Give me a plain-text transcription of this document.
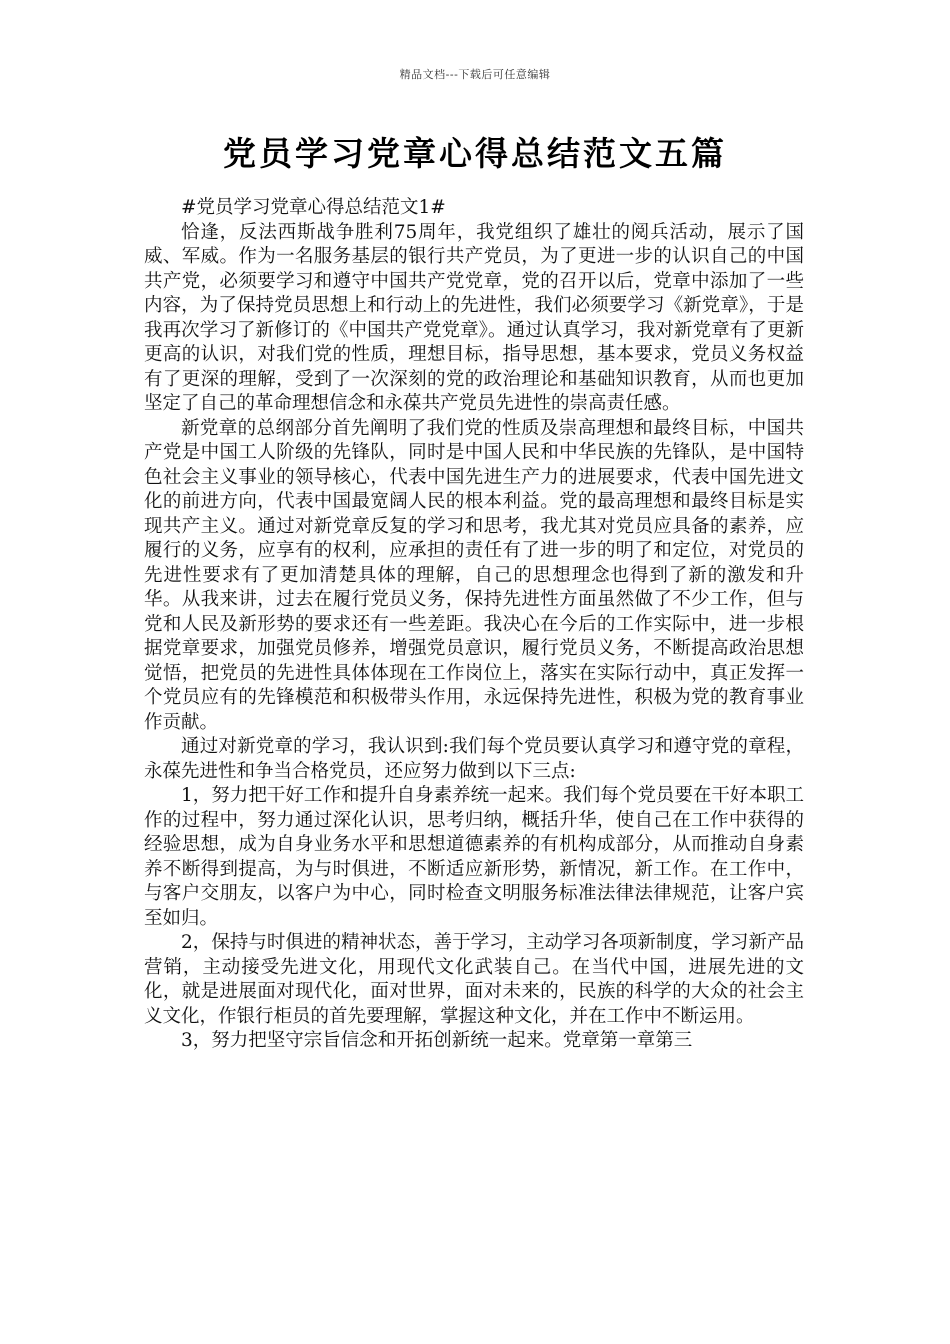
精品文档---下载后可任意编辑
党员学习党章心得总结范文五篇

#党员学习党章心得总结范文1#

恰逢，反法西斯战争胜利75周年，我党组织了雄壮的阅兵活动，展示了国威、军威。作为一名服务基层的银行共产党员，为了更进一步的认识自己的中国共产党，必须要学习和遵守中国共产党党章，党的召开以后，党章中添加了一些内容，为了保持党员思想上和行动上的先进性，我们必须要学习《新党章》，于是我再次学习了新修订的《中国共产党党章》。通过认真学习，我对新党章有了更新更高的认识，对我们党的性质，理想目标，指导思想，基本要求，党员义务权益有了更深的理解，受到了一次深刻的党的政治理论和基础知识教育，从而也更加坚定了自己的革命理想信念和永葆共产党员先进性的崇高责任感。

新党章的总纲部分首先阐明了我们党的性质及崇高理想和最终目标，中国共产党是中国工人阶级的先锋队，同时是中国人民和中华民族的先锋队，是中国特色社会主义事业的领导核心，代表中国先进生产力的进展要求，代表中国先进文化的前进方向，代表中国最宽阔人民的根本利益。党的最高理想和最终目标是实现共产主义。通过对新党章反复的学习和思考，我尤其对党员应具备的素养，应履行的义务，应享有的权利，应承担的责任有了进一步的明了和定位，对党员的先进性要求有了更加清楚具体的理解，自己的思想理念也得到了新的激发和升华。从我来讲，过去在履行党员义务，保持先进性方面虽然做了不少工作，但与党和人民及新形势的要求还有一些差距。我决心在今后的工作实际中，进一步根据党章要求，加强党员修养，增强党员意识，履行党员义务，不断提高政治思想觉悟，把党员的先进性具体体现在工作岗位上，落实在实际行动中，真正发挥一个党员应有的先锋模范和积极带头作用，永远保持先进性，积极为党的教育事业作贡献。

通过对新党章的学习，我认识到:我们每个党员要认真学习和遵守党的章程，永葆先进性和争当合格党员，还应努力做到以下三点:

1，努力把干好工作和提升自身素养统一起来。我们每个党员要在干好本职工作的过程中，努力通过深化认识，思考归纳，概括升华，使自己在工作中获得的经验思想，成为自身业务水平和思想道德素养的有机构成部分，从而推动自身素养不断得到提高，为与时俱进，不断适应新形势，新情况，新工作。在工作中，与客户交朋友，以客户为中心，同时检查文明服务标准法律法律规范，让客户宾至如归。

2，保持与时俱进的精神状态，善于学习，主动学习各项新制度，学习新产品营销，主动接受先进文化，用现代文化武装自己。在当代中国，进展先进的文化，就是进展面对现代化，面对世界，面对未来的，民族的科学的大众的社会主义文化，作银行柜员的首先要理解，掌握这种文化，并在工作中不断运用。

3，努力把坚守宗旨信念和开拓创新统一起来。党章第一章第三
